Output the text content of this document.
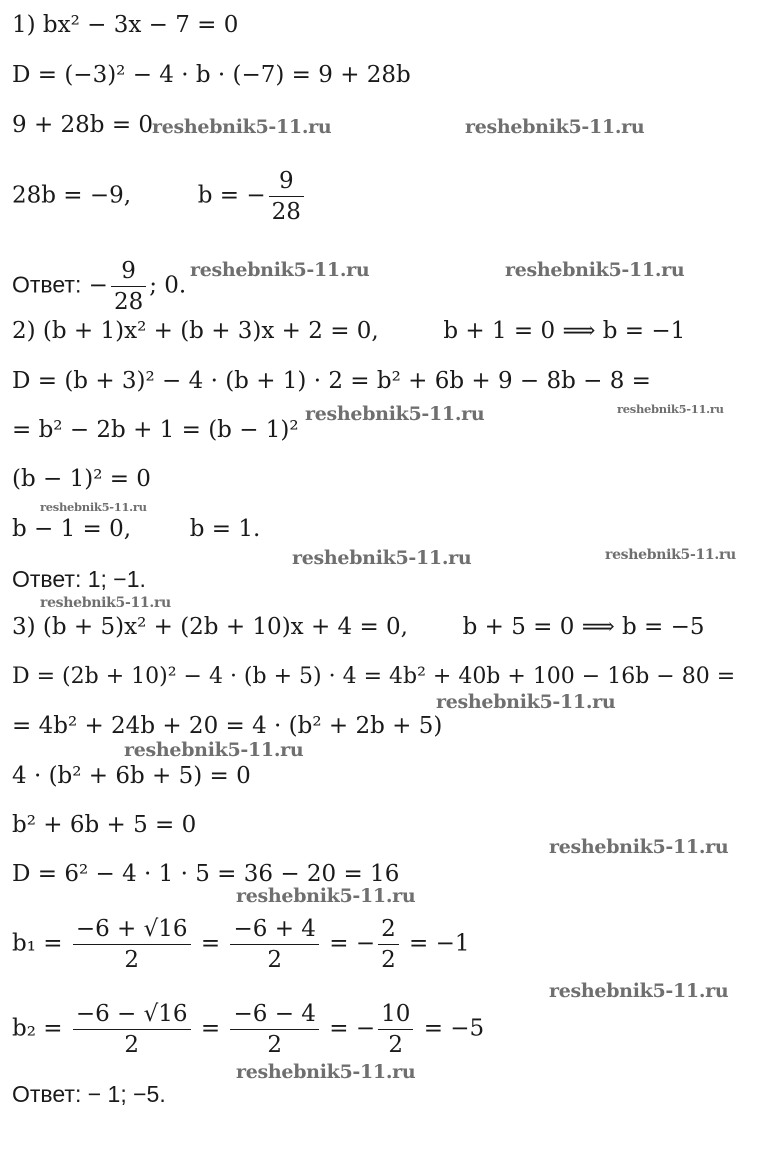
1) bx² − 3x − 7 = 0
D = (−3)² − 4 · b · (−7) = 9 + 28b
9 + 28b = 0
28b = −9,	b = − $\frac{9}{28}$
Ответ: − $\frac{9}{28}$ ; 0.
2) (b + 1)x² + (b + 3)x + 2 = 0,	b + 1 = 0 ⟹ b = −1
D = (b + 3)² − 4 · (b + 1) · 2 = b² + 6b + 9 − 8b − 8 =
= b² − 2b + 1 = (b − 1)²
(b − 1)² = 0
b − 1 = 0,	b = 1.
Ответ: 1; −1.
3) (b + 5)x² + (2b + 10)x + 4 = 0, b + 5 = 0 ⟹ b = −5
D = (2b + 10)² − 4 · (b + 5) · 4 = 4b² + 40b + 100 − 16b − 80 =
= 4b² + 24b + 20 = 4 · (b² + 2b + 5)
4 · (b² + 6b + 5) = 0
b² + 6b + 5 = 0
D = 6² − 4 · 1 · 5 = 36 − 20 = 16
$b_1 = \frac{-6 + √16}{2} = \frac{-6 + 4}{2}$ = − $\frac{2}{2} = -1$
$b_2 = \frac{-6 - √16}{2} = \frac{-6 - 4}{2}$ = − $\frac{10}{2} = -5$
Ответ: − 1; −5.
reshebnik5-11.ru	reshebnik5-11.ru
reshebnik5-11.ru	reshebnik5-11.ru
reshebnik5-11.ru	reshebnik5-11.ru
reshebnik5-11.ru
reshebnik5-11.ru	reshebnik5-11.ru
reshebnik5-11.ru
reshebnik5-11.ru
reshebnik5-11.ru
reshebnik5-11.ru
reshebnik5-11.ru
reshebnik5-11.ru
reshebnik5-11.ru
